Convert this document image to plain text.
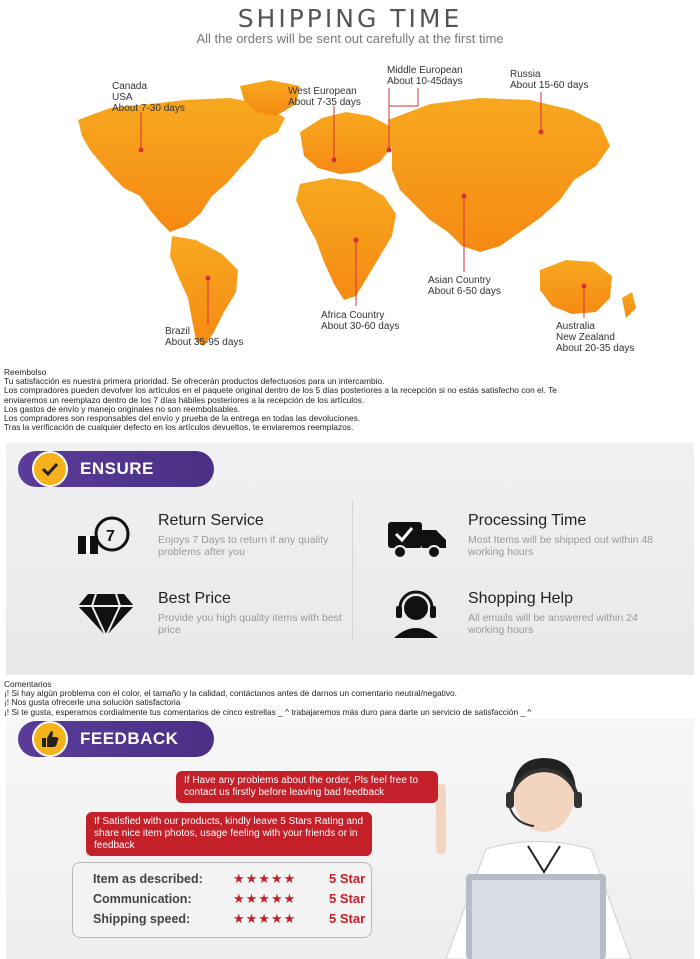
SHIPPING TIME
All the orders will be sent out carefully at the first time
Canada
USA
About 7-30 days
West European
About 7-35 days
Middle European
About 10-45days
Russia
About 15-60 days
Asian Country
About 6-50 days
Africa Country
About 30-60 days
Brazil
About 35-95 days
Australia
New Zealand
About 20-35 days
Reembolso
Tu satisfacción es nuestra primera prioridad. Se ofrecerán productos defectuosos para un intercambio.
Los compradores pueden devolver los artículos en el paquete original dentro de los 5 días posteriores a la recepción si no estás satisfecho con el. Te
enviaremos un reemplazo dentro de los 7 días hábiles posteriores a la recepción de los artículos.
Los gastos de envío y manejo originales no son reembolsables.
Los compradores son responsables del envío y prueba de la entrega en todas las devoluciones.
Tras la verificación de cualquier defecto en los artículos devueltos, te enviaremos reemplazos.
ENSURE
7
Return Service
Enjoys 7 Days to return if any quality problems after you
Processing Time
Most Items will be shipped out within 48 working hours
Best Price
Provide you high quality items with best price
Shopping Help
All emails will be answered within 24 working hours
Comentarios
¡! Si hay algún problema con el color, el tamaño y la calidad, contáctanos antes de darnos un comentario neutral/negativo.
¡! Nos gusta ofrecerle una solución satisfactoria
¡! Si te gusta, esperamos cordialmente tus comentarios de cinco estrellas _ ^ trabajaremos más duro para darte un servicio de satisfacción _ ^
If Have any problems about the order, Pls feel free to contact us firstly before leaving bad feedback
If Satisfied with our products, kindly leave 5 Stars Rating and share nice item photos, usage feeling with your friends or in feedback
FEEDBACK
Item as described: ★★★★★	5 Star
Communication:	★★★★★	5 Star
Shipping speed:	★★★★★	5 Star
